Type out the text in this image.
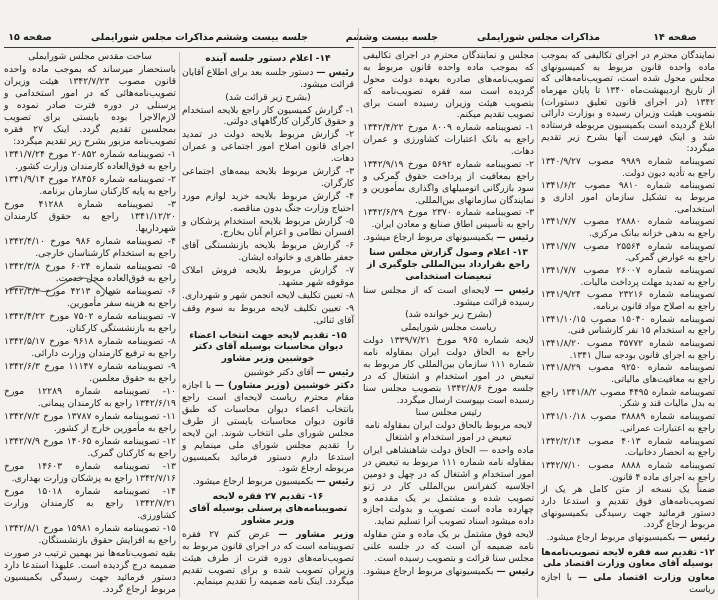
صفحه ۱۵	مذاکرات مجلس شورایملی جلسه بیست وششم	جلسه بیست وششم	مذاکرات مجلس شورایملی	صفحه ۱۴
ساحت مقدس مجلس شورایملی
باستحضار میرساند که بموجب ماده واحده قانون مصوب ۱۳۴۲/۷/۲۳ هیئت وزیران تصویب‌نامه‌هائی که در امور استخدامی و پرسنلی در دوره فترت صادر نموده و لازم‌الاجرا بوده بایستی برای تصویب بمجلسین تقدیم گردد. اینک ۲۷ فقره تصویب‌نامه مزبور بشرح زیر تقدیم میگردد:
۱- تصویبنامه شماره ۲۰۸۵۲ مورخ ۱۳۴۱/۷/۲۴ راجع به فوق‌العاده کارمندان وزارت کشور.
۲- تصویبنامه شماره ۲۸۴۵۶ مورخ ۱۳۴۱/۹/۱۴ راجع به پایه کارکنان سازمان برنامه.
۳- تصویبنامه شماره ۴۱۲۸۸ مورخ ۱۳۴۱/۱۲/۲۰ راجع به حقوق کارمندان شهرداریها.
۴- تصویبنامه شماره ۹۸۶ مورخ ۱۳۴۲/۴/۱۰ راجع به استخدام کارشناسان خارجی.
۵- تصویبنامه شماره ۶۰۲۴ مورخ ۱۳۴۲/۳/۸ راجع به فوق‌العاده محل خدمت.
۶- تصویبنامه شماره ۴۲۱۳ مورخ ۱۳۴۲/۲/۲ راجع به هزینه سفر مأمورین.
۷- تصویبنامه شماره ۷۵۰۲ مورخ ۱۳۴۲/۴/۲۲ راجع به بازنشستگی کارکنان.
۸- تصویبنامه شماره ۹۶۱۸ مورخ ۱۳۴۲/۵/۱۷ راجع به ترفیع کارمندان وزارت دارائی.
۹- تصویبنامه شماره ۱۱۱۴۷ مورخ ۱۳۴۲/۶/۳ راجع به حقوق معلمین.
۱۰- تصویبنامه شماره ۱۲۲۸۹ مورخ ۱۳۴۲/۶/۱۹ راجع به کارمندان پیمانی.
۱۱- تصویبنامه شماره ۱۳۷۸۷ مورخ ۱۳۴۲/۷/۲ راجع به مأمورین خارج از کشور.
۱۲- تصویبنامه شماره ۱۴۰۶۵ مورخ ۱۳۴۲/۷/۹ راجع به کارکنان گمرک.
۱۳- تصویبنامه شماره ۱۴۶۰۳ مورخ ۱۳۴۲/۷/۱۶ راجع به پزشکان وزارت بهداری.
۱۴- تصویبنامه شماره ۱۵۰۱۸ مورخ ۱۳۴۲/۷/۲۱ راجع به کارمندان وزارت کشاورزی.
۱۵- تصویبنامه شماره ۱۵۹۸۱ مورخ ۱۳۴۲/۸/۱ راجع به افزایش حقوق بازنشستگان.
بقیه تصویب‌نامه‌ها نیز بهمین ترتیب در صورت ضمیمه درج گردیده است. علیهذا استدعا دارد دستور فرمائید جهت رسیدگی بکمیسیون مربوط ارجاع گردد.
۱۴- اعلام دستور جلسه آینده
رئیس — دستور جلسه بعد برای اطلاع آقایان قرائت میشود.
(بشرح زیر قرائت شد)
۱- گزارش کمیسیون کار راجع بلایحه استخدام و حقوق کارگران کارگاههای دولتی.
۲- گزارش مربوط بلایحه دولت در تمدید اجرای قانون اصلاح امور اجتماعی و عمران دهات.
۳- گزارش مربوط بلایحه بیمه‌های اجتماعی کارگران.
۴- گزارش مربوط بلایحه خرید لوازم مورد احتیاج وزارت جنگ بدون مناقصه.
۵- گزارش مربوط بلایحه استخدام پزشکان و افسران نظامی و اعزام آنان بخارج.
۶- گزارش مربوط بلایحه بازنشستگی آقای جعفر طاهری و خانواده ایشان.
۷- گزارش مربوط بلایحه فروش املاک موقوفه شهر مشهد.
۸- تعیین تکلیف لایحه انجمن شهر و شهرداری.
۹- تعیین تکلیف لایحه مربوط به سوم وقف آقای ثنائی.
۱۵- تقدیم لایحه جهت انتخاب اعضاء دیوان محاسبات بوسیله آقای دکتر خوشبین وزیر مشاور
رئیس — آقای دکتر خوشبین
دکتر خوشبین (وزیر مشاور) — با اجازه مقام محترم ریاست لایحه‌ای است راجع بانتخاب اعضاء دیوان محاسبات که طبق قانون دیوان محاسبات بایستی از طرف مجلس شورای ملی انتخاب شوند. این لایحه را تقدیم مجلس شورای ملی مینمایم و استدعا دارم دستور فرمائید بکمیسیون مربوطه ارجاع شود.
رئیس — بکمیسیون مربوط ارجاع میشود.
۱۶- تقدیم ۲۷ فقره لایحه تصویبنامه‌های پرسنلی بوسیله آقای وزیر مشاور
وزیر مشاور — عرض کنم ۲۷ فقره تصویبنامه است که در اجرای قانون مربوط به تصویب‌نامه‌های دوره فترت از طرف هیئت وزیران تصویب شده و برای تصویب تقدیم میگردد. اینک نامه ضمیمه را تقدیم مینمایم.
مجلس و نمایندگان محترم در اجرای تکالیفی که بموجب ماده واحده قانون مربوط به تصویب‌نامه‌های صادره بعهده دولت محول گردیده است سه فقره تصویب‌نامه که بتصویب هیئت وزیران رسیده است برای تصویب تقدیم میکنم.
۱- تصویبنامه شماره ۸۰۰۹ مورخ ۱۳۴۲/۴/۲۲ راجع به بانک اعتبارات کشاورزی و عمران دهات.
۲- تصویبنامه شماره ۵۶۹۲ مورخ ۱۳۴۲/۹/۱۹ راجع بمعافیت از پرداخت حقوق گمرکی و سود بازرگانی اتومبیلهای واگذاری بمأمورین و نمایندگان سازمانهای بین‌المللی.
۳- تصویبنامه شماره ۲۳۷۰ مورخ ۱۳۴۲/۶/۲۹ راجع به تأسیس اطاق صنایع و معادن ایران.
رئیس — بکمیسیونهای مربوط ارجاع میشود.
۱۳- اعلام وصول گزارش مجلس سنا راجع بقرارداد بین‌المللی جلوگیری از تبعیضات استخدامی
رئیس — لایحه‌ای است که از مجلس سنا رسیده قرائت میشود.
(بشرح زیر خوانده شد)
ریاست مجلس شورایملی
لایحه شماره ۹۶۵ مورخ ۱۳۳۹/۷/۲۱ دولت راجع به الحاق دولت ایران بمقاوله نامه شماره ۱۱۱ سازمان بین‌المللی کار مربوط به تبعیض در امور استخدام و اشتغال که در جلسه مورخ ۱۳۴۲/۸/۶ بتصویب مجلس سنا رسیده است بپیوست ارسال میگردد.
رئیس مجلس سنا
لایحه مربوط بالحاق دولت ایران بمقاوله نامه تبعیض در امور استخدام و اشتغال
ماده واحده — الحاق دولت شاهنشاهی ایران بمقاوله نامه شماره ۱۱۱ مربوط به تبعیض در امور استخدام و اشتغال که در چهل و دومین اجلاسیه کنفرانس بین‌المللی کار در ژنو تصویب شده و مشتمل بر یک مقدمه و چهارده ماده است تصویب و بدولت اجازه داده میشود اسناد تصویب آنرا تسلیم نماید.
لایحه فوق مشتمل بر یک ماده و متن مقاوله نامه ضمیمه آن است که در جلسه علنی مجلس سنا قرائت و بتصویب رسیده است.
رئیس — بکمیسیونهای مربوط ارجاع میشود.
نمایندگان محترم در اجرای تکالیفی که بموجب ماده واحده قانون مربوط به کمیسیونهای مجلس محول شده است، تصویب‌نامه‌هائی که از تاریخ اردیبهشت‌ماه ۱۳۴۰ تا پایان مهرماه ۱۳۴۲ (در اجرای قانون تعلیق دستورات) بتصویب هیئت وزیران رسیده و بوزارت دارائی ابلاغ گردیده است بکمیسیون مربوطه فرستاده شد و اینک فهرست آنها بشرح زیر تقدیم میگردد:
تصویبنامه شماره ۹۹۸۹ مصوب ۱۳۴۰/۹/۲۷ راجع به تأدیه دیون دولت.
تصویبنامه شماره ۹۸۱۰ مصوب ۱۳۴۱/۶/۲ مربوط به تشکیل سازمان امور اداری و استخدامی.
تصویبنامه شماره ۲۸۸۸۰ مصوب ۱۳۴۱/۷/۷ راجع به بدهی خزانه ببانک مرکزی.
تصویبنامه شماره ۲۵۵۶۴ مصوب ۱۳۴۱/۷/۷ راجع به عوارض گمرکی.
تصویبنامه شماره ۲۶۰۰۷ مصوب ۱۳۴۱/۷/۷ راجع به تمدید مهلت پرداخت مالیات.
تصویبنامه شماره ۲۳۲۱۶ مصوب ۱۳۴۱/۹/۲۴ راجع به اصلاح مواد قانون برنامه.
تصویبنامه شماره ۱۵۰۴۰ مصوب ۱۳۴۱/۱۰/۱۵ راجع به استخدام ۱۵ نفر کارشناس فنی.
تصویبنامه شماره ۳۵۷۷۲ مصوب ۱۳۴۱/۸/۲۰ راجع به اجرای قانون بودجه سال ۱۳۴۱.
تصویبنامه شماره ۹۲۵۰ مصوب ۱۳۴۱/۸/۲۹ راجع به معافیت‌های مالیاتی.
تصویبنامه شماره ۴۴۹۵ مصوب ۱۳۴۱/۸/۲ راجع به بدل مالیات قند و شکر.
تصویبنامه شماره ۳۸۸۸۹ مصوب ۱۳۴۱/۱۰/۱۸ راجع به اعتبارات عمرانی.
تصویبنامه شماره ۴۰۱۳ مصوب ۱۳۴۲/۲/۱۴ راجع به انحصار دخانیات.
تصویبنامه شماره ۸۸۸۸ مصوب ۱۳۴۲/۷/۱۰ راجع به اجرای ماده ۴ قانون.
ضمناً یک نسخه از متن کامل هر یک از تصویب‌نامه‌های فوق تقدیم و استدعا دارد دستور فرمائید جهت رسیدگی بکمیسیونهای مربوط ارجاع گردد.
رئیس — بکمیسیونهای مربوط ارجاع میشود.
۱۲- تقدیم سه فقره لایحه تصویب‌نامه‌ها بوسیله آقای معاون وزارت اقتصاد ملی
معاون وزارت اقتصاد ملی — با اجازه ریاست
